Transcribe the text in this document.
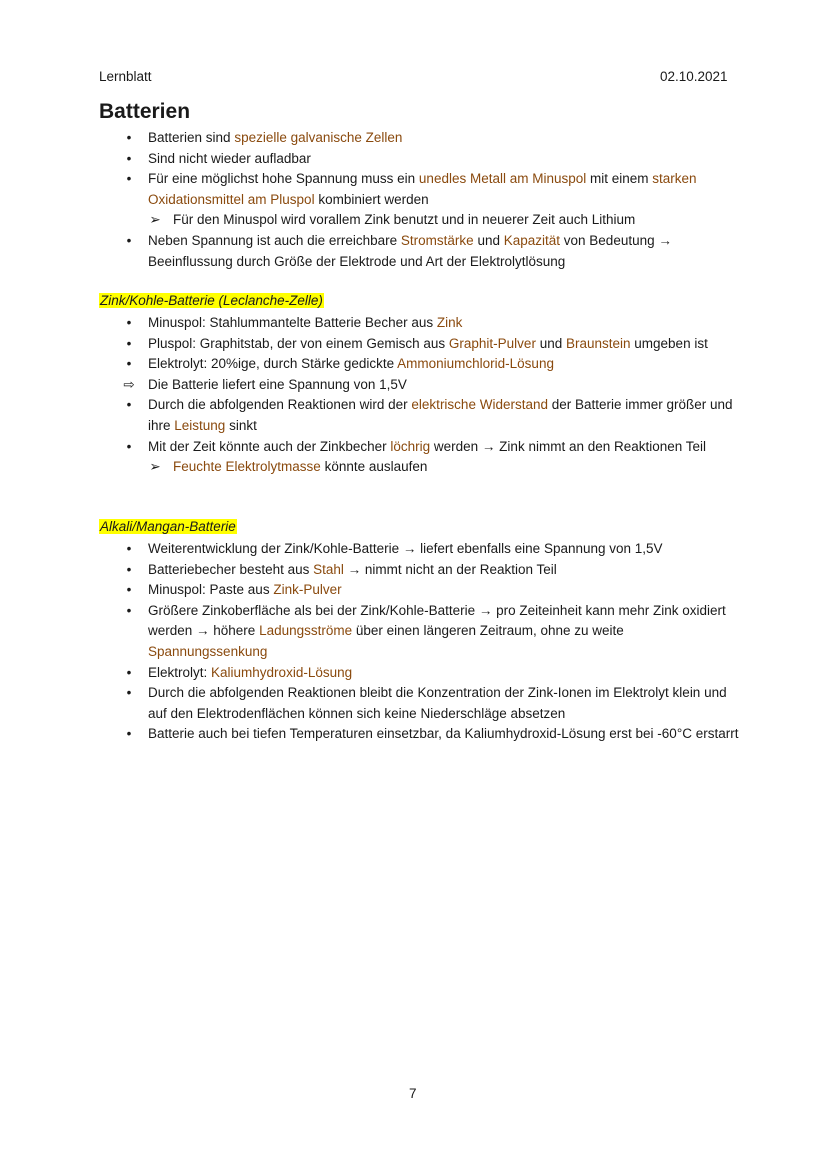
Lernblatt	02.10.2021
Batterien
•	Batterien sind spezielle galvanische Zellen
•	Sind nicht wieder aufladbar
•	Für eine möglichst hohe Spannung muss ein unedles Metall am Minuspol mit einem starken Oxidationsmittel am Pluspol kombiniert werden
➢ Für den Minuspol wird vorallem Zink benutzt und in neuerer Zeit auch Lithium
•	Neben Spannung ist auch die erreichbare Stromstärke und Kapazität von Bedeutung → Beeinflussung durch Größe der Elektrode und Art der Elektrolytlösung
Zink/Kohle-Batterie (Leclanche-Zelle)
•	Minuspol: Stahlummantelte Batterie Becher aus Zink
•	Pluspol: Graphitstab, der von einem Gemisch aus Graphit-Pulver und Braunstein umgeben ist
•	Elektrolyt: 20%ige, durch Stärke gedickte Ammoniumchlorid-Lösung
⇨ Die Batterie liefert eine Spannung von 1,5V
•	Durch die abfolgenden Reaktionen wird der elektrische Widerstand der Batterie immer größer und ihre Leistung sinkt
•	Mit der Zeit könnte auch der Zinkbecher löchrig werden → Zink nimmt an den Reaktionen Teil
➢ Feuchte Elektrolytmasse könnte auslaufen
Alkali/Mangan-Batterie
•	Weiterentwicklung der Zink/Kohle-Batterie → liefert ebenfalls eine Spannung von 1,5V
•	Batteriebecher besteht aus Stahl → nimmt nicht an der Reaktion Teil
•	Minuspol: Paste aus Zink-Pulver
•	Größere Zinkoberfläche als bei der Zink/Kohle-Batterie → pro Zeiteinheit kann mehr Zink oxidiert werden → höhere Ladungsströme über einen längeren Zeitraum, ohne zu weite Spannungssenkung
•	Elektrolyt: Kaliumhydroxid-Lösung
•	Durch die abfolgenden Reaktionen bleibt die Konzentration der Zink-Ionen im Elektrolyt klein und auf den Elektrodenflächen können sich keine Niederschläge absetzen
•	Batterie auch bei tiefen Temperaturen einsetzbar, da Kaliumhydroxid-Lösung erst bei -60°C erstarrt
7
